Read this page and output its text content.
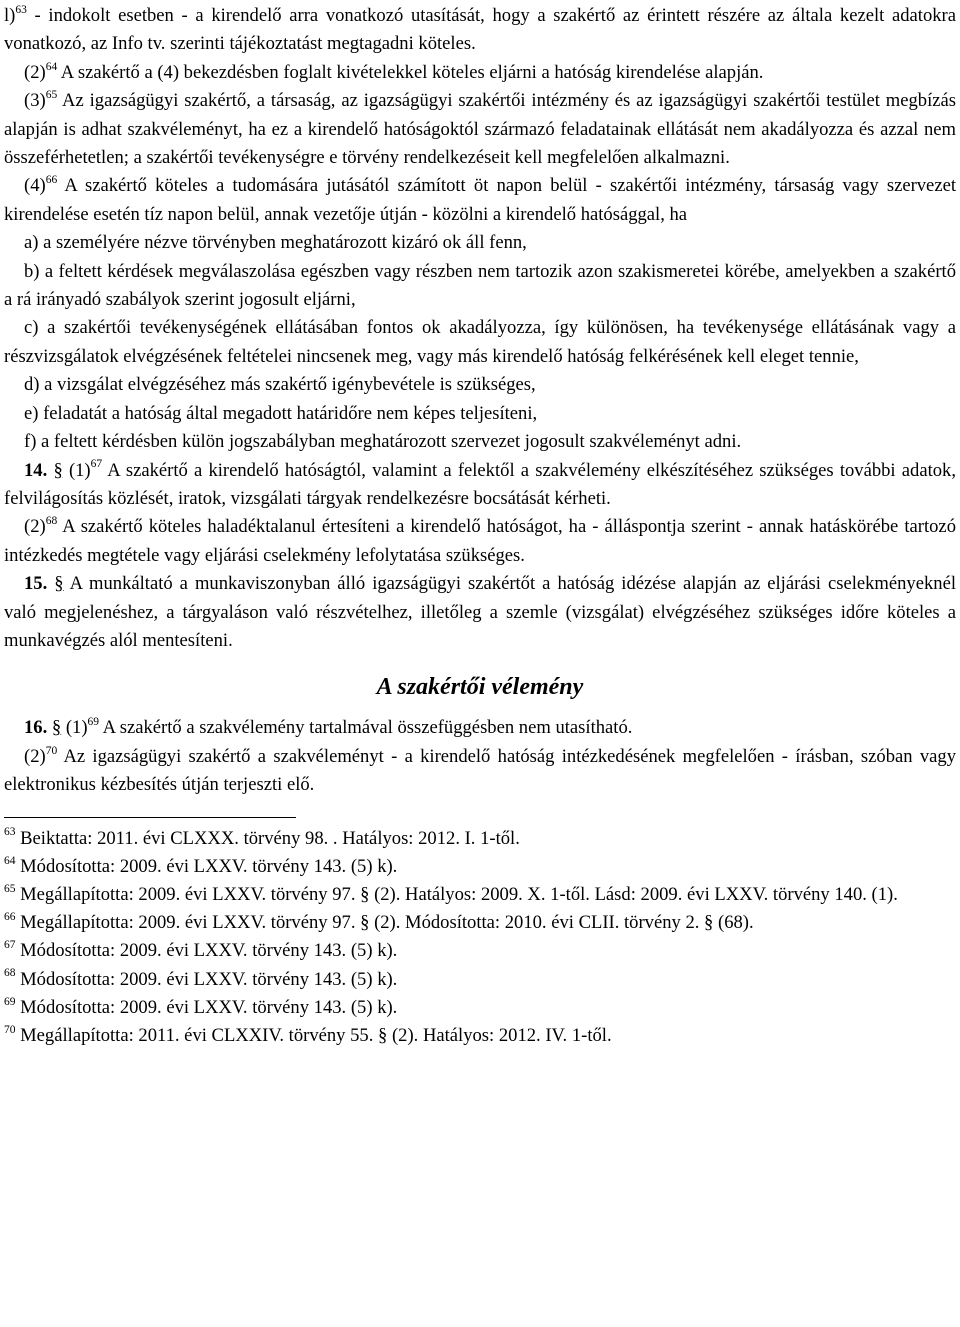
l)$^{63}$ - indokolt esetben - a kirendelő arra vonatkozó utasítását, hogy a szakértő az érintett részére az általa kezelt adatokra vonatkozó, az Info tv. szerinti tájékoztatást megtagadni köteles.

$(2)^{64}$ A szakértő a (4) bekezdésben foglalt kivételekkel köteles eljárni a hatóság kirendelése alapján.

$(3)^{65}$ Az igazságügyi szakértő, a társaság, az igazságügyi szakértői intézmény és az igazságügyi szakértői testület megbízás alapján is adhat szakvéleményt, ha ez a kirendelő hatóságoktól származó feladatainak ellátását nem akadályozza és azzal nem összeférhetetlen; a szakértői tevékenységre e törvény rendelkezéseit kell megfelelően alkalmazni.

$(4)^{66}$ A szakértő köteles a tudomására jutásától számított öt napon belül - szakértői intézmény, társaság vagy szervezet kirendelése esetén tíz napon belül, annak vezetője útján - közölni a kirendelő hatósággal, ha

a) a személyére nézve törvényben meghatározott kizáró ok áll fenn,

b) a feltett kérdések megválaszolása egészben vagy részben nem tartozik azon szakismeretei körébe, amelyekben a szakértő a rá irányadó szabályok szerint jogosult eljárni,

c) a szakértői tevékenységének ellátásában fontos ok akadályozza, így különösen, ha tevékenysége ellátásának vagy a részvizsgálatok elvégzésének feltételei nincsenek meg, vagy más kirendelő hatóság felkérésének kell eleget tennie,

d) a vizsgálat elvégzéséhez más szakértő igénybevétele is szükséges,

e) feladatát a hatóság által megadott határidőre nem képes teljesíteni,

f) a feltett kérdésben külön jogszabályban meghatározott szervezet jogosult szakvéleményt adni.

14. § $(1)^{67}$ A szakértő a kirendelő hatóságtól, valamint a felektől a szakvélemény elkészítéséhez szükséges további adatok, felvilágosítás közlését, iratok, vizsgálati tárgyak rendelkezésre bocsátását kérheti.

$(2)^{68}$ A szakértő köteles haladéktalanul értesíteni a kirendelő hatóságot, ha - álláspontja szerint - annak hatáskörébe tartozó intézkedés megtétele vagy eljárási cselekmény lefolytatása szükséges.

15. § A munkáltató a munkaviszonyban álló igazságügyi szakértőt a hatóság idézése alapján az eljárási cselekményeknél való megjelenéshez, a tárgyaláson való részvételhez, illetőleg a szemle (vizsgálat) elvégzéséhez szükséges időre köteles a munkavégzés alól mentesíteni.

A szakértői vélemény

16. § $(1)^{69}$ A szakértő a szakvélemény tartalmával összefüggésben nem utasítható.

$(2)^{70}$ Az igazságügyi szakértő a szakvéleményt - a kirendelő hatóság intézkedésének megfelelően - írásban, szóban vagy elektronikus kézbesítés útján terjeszti elő.

$^{63}$ Beiktatta: 2011. évi CLXXX. törvény 98. . Hatályos: 2012. I. 1-től.

$^{64}$ Módosította: 2009. évi LXXV. törvény 143. (5) k).

$^{65}$ Megállapította: 2009. évi LXXV. törvény 97. § (2). Hatályos: 2009. X. 1-től. Lásd: 2009. évi LXXV. törvény 140. (1).

$^{66}$ Megállapította: 2009. évi LXXV. törvény 97. § (2). Módosította: 2010. évi CLII. törvény 2. § (68).

$^{67}$ Módosította: 2009. évi LXXV. törvény 143. (5) k).

$^{68}$ Módosította: 2009. évi LXXV. törvény 143. (5) k).

$^{69}$ Módosította: 2009. évi LXXV. törvény 143. (5) k).

$^{70}$ Megállapította: 2011. évi CLXXIV. törvény 55. § (2). Hatályos: 2012. IV. 1-től.
